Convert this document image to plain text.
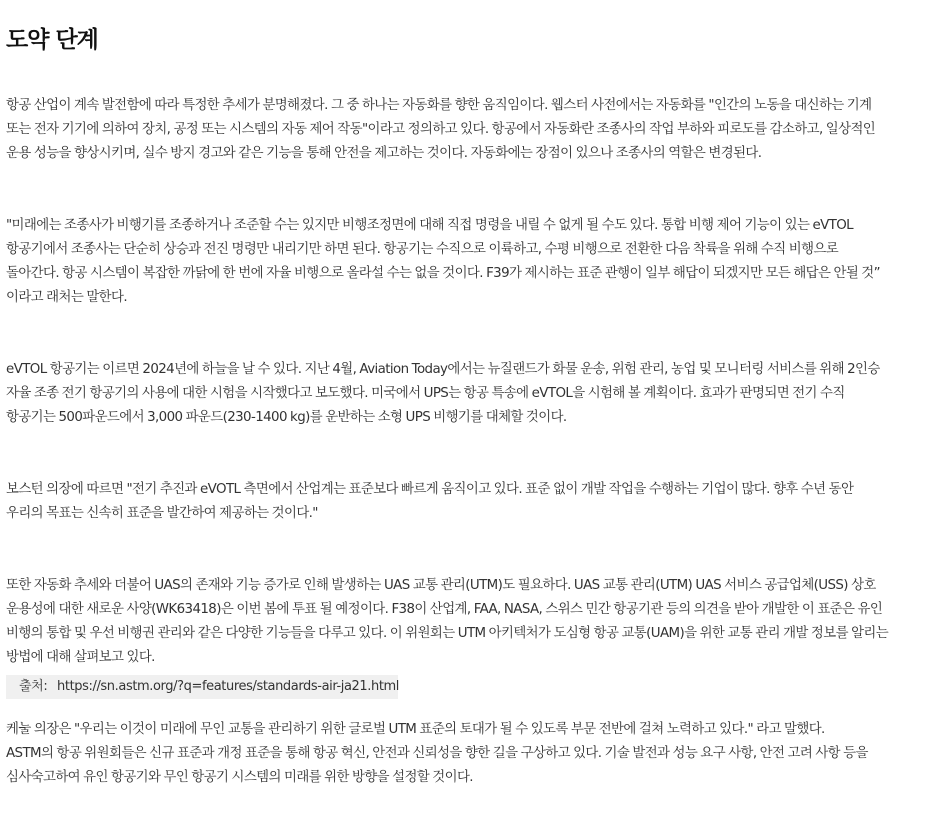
도약 단계

항공 산업이 계속 발전함에 따라 특정한 추세가 분명해졌다. 그 중 하나는 자동화를 향한 움직임이다. 웹스터 사전에서는 자동화를 "인간의 노동을 대신하는 기계
또는 전자 기기에 의하여 장치, 공정 또는 시스템의 자동 제어 작동"이라고 정의하고 있다. 항공에서 자동화란 조종사의 작업 부하와 피로도를 감소하고, 일상적인
운용 성능을 향상시키며, 실수 방지 경고와 같은 기능을 통해 안전을 제고하는 것이다. 자동화에는 장점이 있으나 조종사의 역할은 변경된다.

"미래에는 조종사가 비행기를 조종하거나 조준할 수는 있지만 비행조정면에 대해 직접 명령을 내릴 수 없게 될 수도 있다. 통합 비행 제어 기능이 있는 eVTOL
항공기에서 조종사는 단순히 상승과 전진 명령만 내리기만 하면 된다. 항공기는 수직으로 이륙하고, 수평 비행으로 전환한 다음 착륙을 위해 수직 비행으로
돌아간다. 항공 시스템이 복잡한 까닭에 한 번에 자율 비행으로 올라설 수는 없을 것이다. F39가 제시하는 표준 관행이 일부 해답이 되겠지만 모든 해답은 안될 것”
이라고 래처는 말한다.

eVTOL 항공기는 이르면 2024년에 하늘을 날 수 있다. 지난 4월, Aviation Today에서는 뉴질랜드가 화물 운송, 위험 관리, 농업 및 모니터링 서비스를 위해 2인승
자율 조종 전기 항공기의 사용에 대한 시험을 시작했다고 보도했다. 미국에서 UPS는 항공 특송에 eVTOL을 시험해 볼 계획이다. 효과가 판명되면 전기 수직
항공기는 500파운드에서 3,000 파운드(230-1400 kg)를 운반하는 소형 UPS 비행기를 대체할 것이다.

보스턴 의장에 따르면 "전기 추진과 eVOTL 측면에서 산업계는 표준보다 빠르게 움직이고 있다. 표준 없이 개발 작업을 수행하는 기업이 많다. 향후 수년 동안
우리의 목표는 신속히 표준을 발간하여 제공하는 것이다."

또한 자동화 추세와 더불어 UAS의 존재와 기능 증가로 인해 발생하는 UAS 교통 관리(UTM)도 필요하다. UAS 교통 관리(UTM) UAS 서비스 공급업체(USS) 상호
운용성에 대한 새로운 사양(WK63418)은 이번 봄에 투표 될 예정이다. F38이 산업계, FAA, NASA, 스위스 민간 항공기관 등의 의견을 받아 개발한 이 표준은 유인
비행의 통합 및 우선 비행권 관리와 같은 다양한 기능들을 다루고 있다. 이 위원회는 UTM 아키텍처가 도심형 항공 교통(UAM)을 위한 교통 관리 개발 정보를 알리는
방법에 대해 살펴보고 있다.

케눌 의장은 "우리는 이것이 미래에 무인 교통을 관리하기 위한 글로벌 UTM 표준의 토대가 될 수 있도록 부문 전반에 걸쳐 노력하고 있다." 라고 말했다.
ASTM의 항공 위원회들은 신규 표준과 개정 표준을 통해 항공 혁신, 안전과 신뢰성을 향한 길을 구상하고 있다. 기술 발전과 성능 요구 사항, 안전 고려 사항 등을
심사숙고하여 유인 항공기와 무인 항공기 시스템의 미래를 위한 방향을 설정할 것이다.

출처: https://sn.astm.org/?q=features/standards-air-ja21.html
